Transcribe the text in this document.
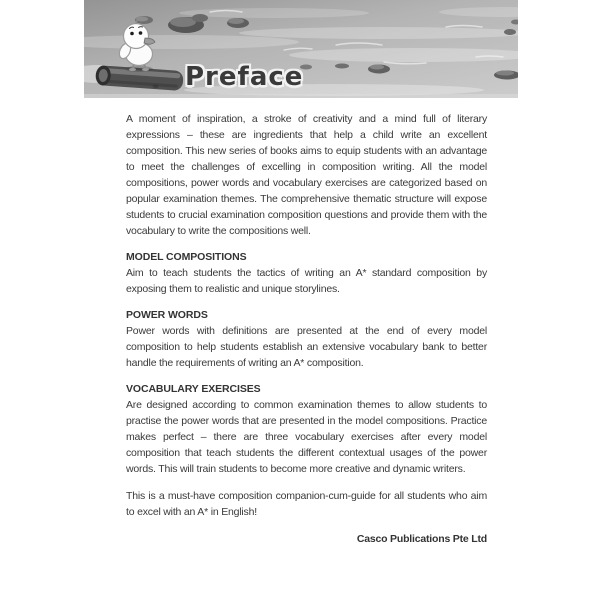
Preface

A moment of inspiration, a stroke of creativity and a mind full of literary expressions – these are ingredients that help a child write an excellent composition. This new series of books aims to equip students with an advantage to meet the challenges of excelling in composition writing. All the model compositions, power words and vocabulary exercises are categorized based on popular examination themes. The comprehensive thematic structure will expose students to crucial examination composition questions and provide them with the vocabulary to write the compositions well.

MODEL COMPOSITIONS

Aim to teach students the tactics of writing an A* standard composition by exposing them to realistic and unique storylines.

POWER WORDS

Power words with definitions are presented at the end of every model composition to help students establish an extensive vocabulary bank to better handle the requirements of writing an A* composition.

VOCABULARY EXERCISES

Are designed according to common examination themes to allow students to practise the power words that are presented in the model compositions. Practice makes perfect – there are three vocabulary exercises after every model composition that teach students the different contextual usages of the power words. This will train students to become more creative and dynamic writers.

This is a must-have composition companion-cum-guide for all students who aim to excel with an A* in English!

Casco Publications Pte Ltd
